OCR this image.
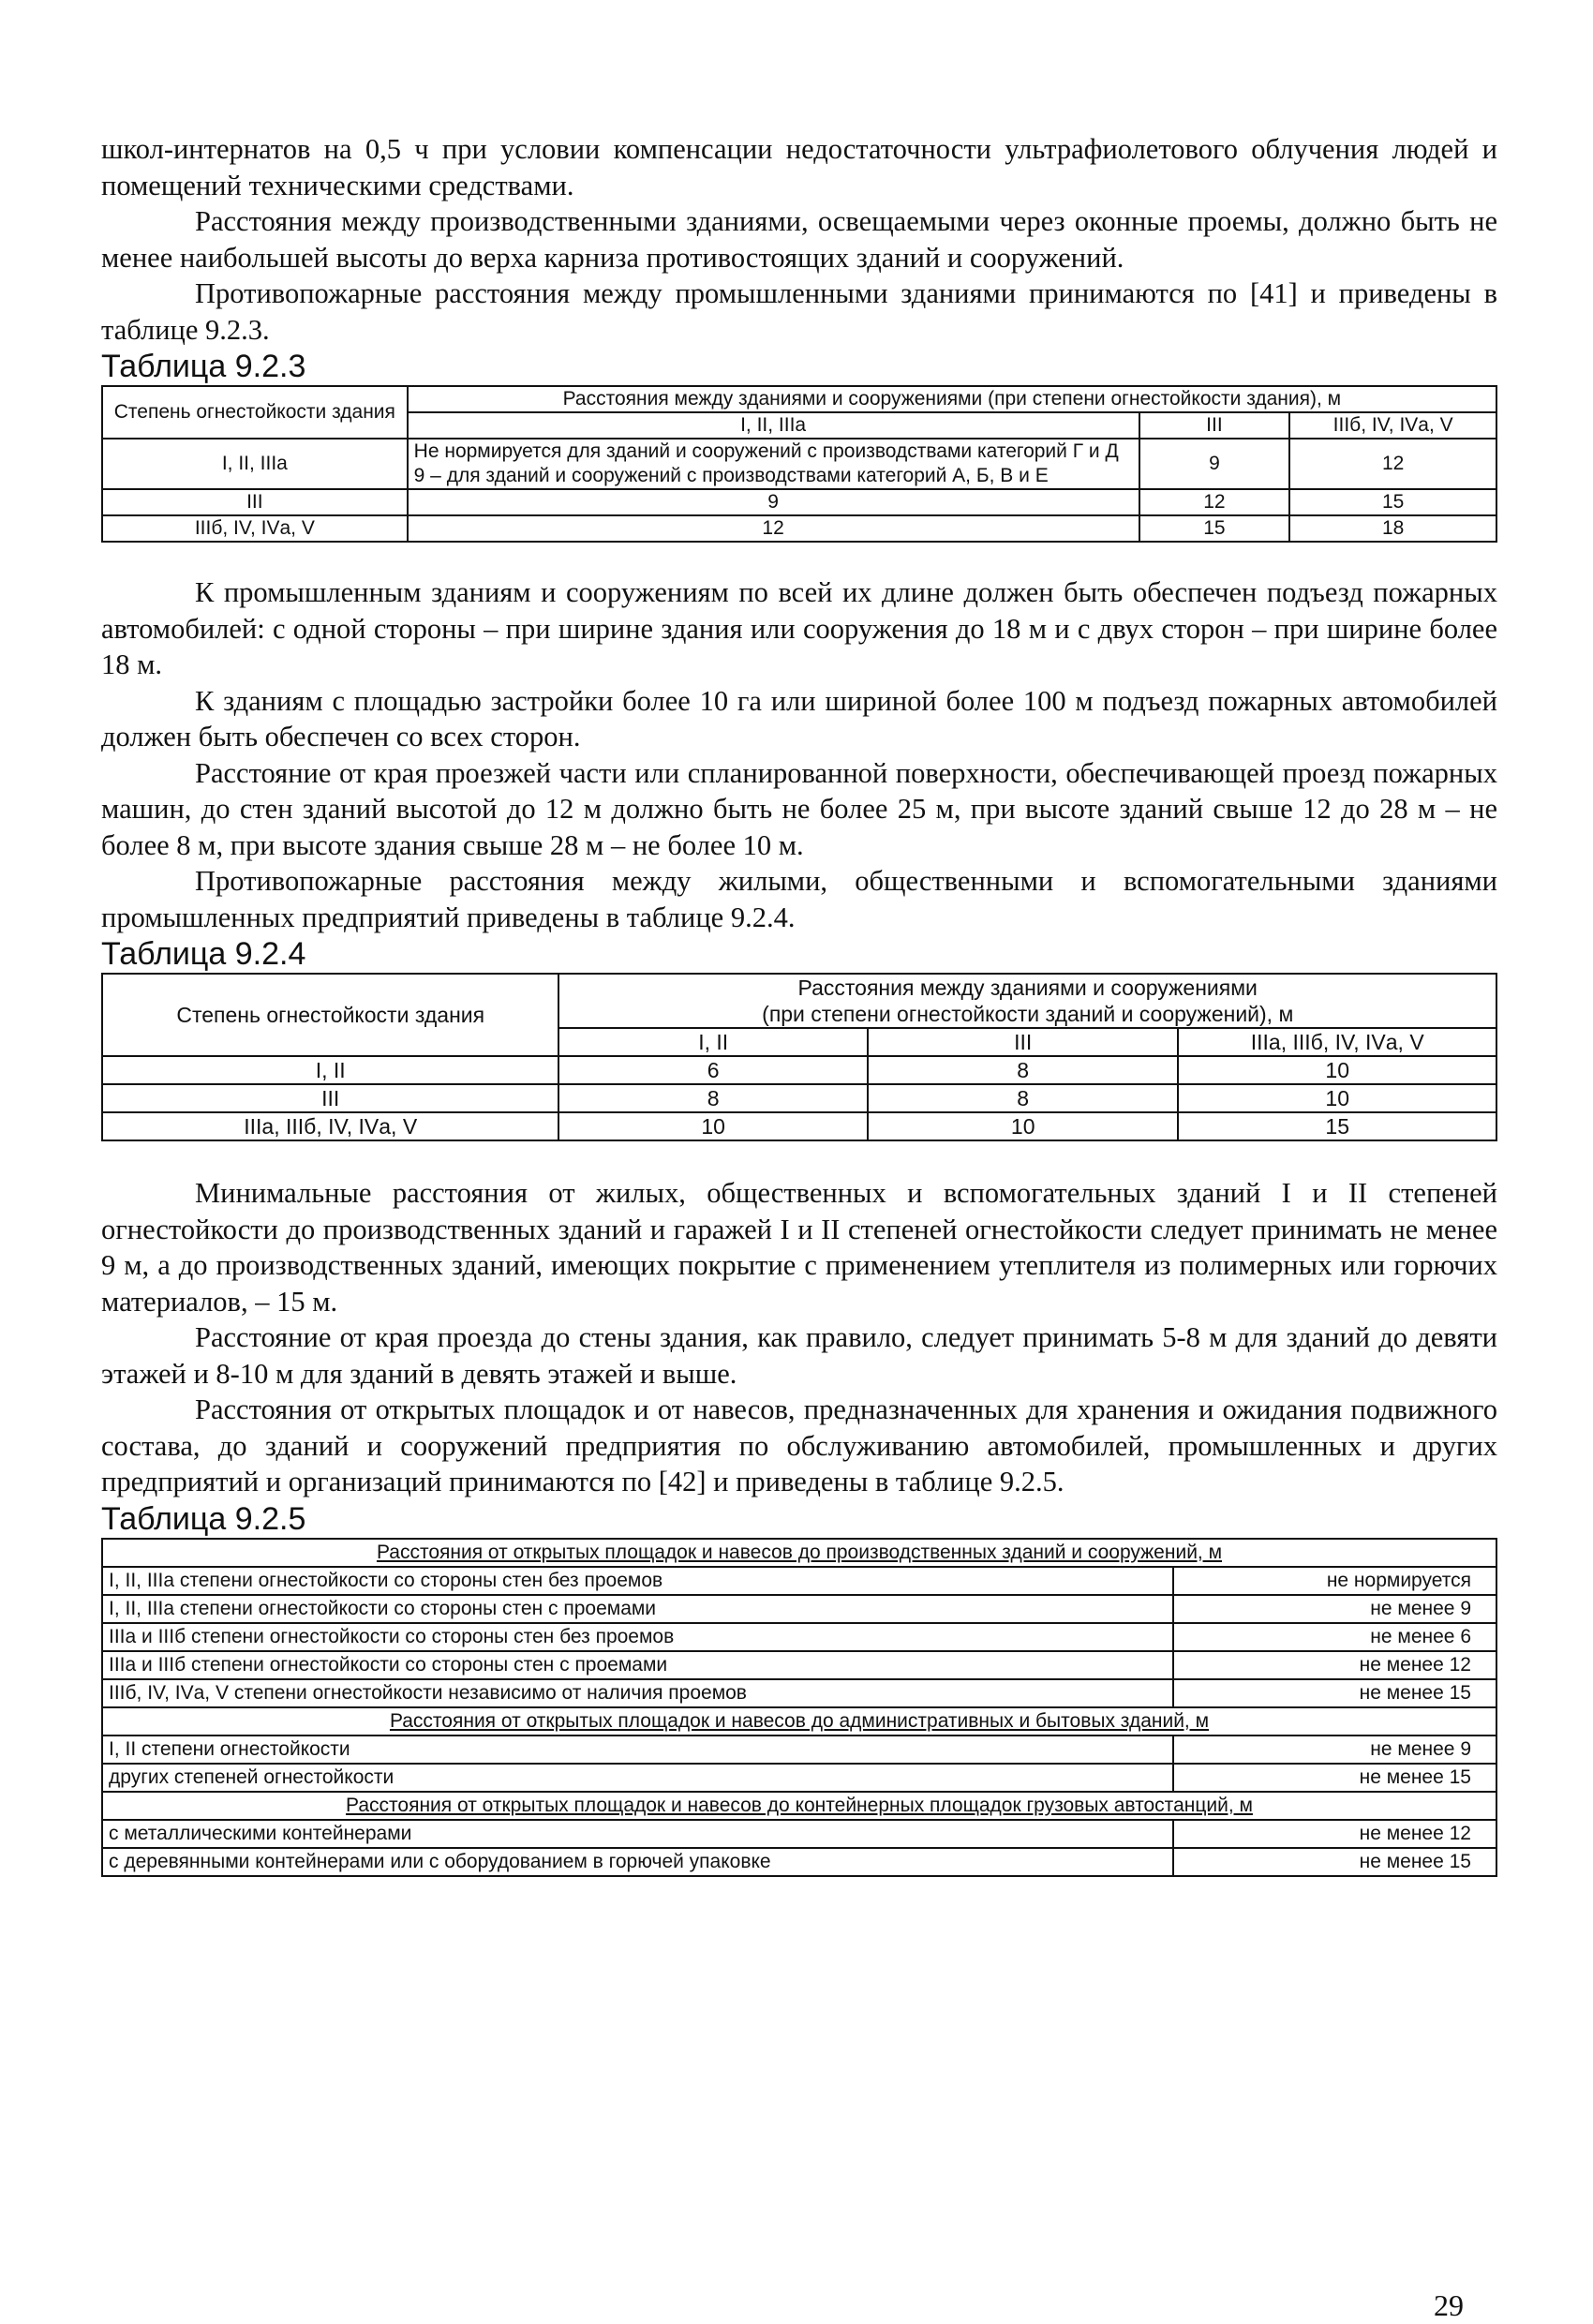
школ-интернатов на 0,5 ч при условии компенсации недостаточности ультрафиолетового облучения людей и помещений техническими средствами.

Расстояния между производственными зданиями, освещаемыми через оконные проемы, должно быть не менее наибольшей высоты до верха карниза противостоящих зданий и сооружений.

Противопожарные расстояния между промышленными зданиями принимаются по [41] и приведены в таблице 9.2.3.

Таблица 9.2.3
Степень огнестойкости здания	Расстояния между зданиями и сооружениями (при степени огнестойкости здания), м		
	I, II, IIIа	III	IIIб, IV, IVа, V
I, II, IIIа	Не нормируется для зданий и сооружений с производствами категорий Г и Д
9 – для зданий и сооружений с производствами категорий А, Б, В и Е	9	12
III	9	12	15
IIIб, IV, IVа, V	12	15	18

К промышленным зданиям и сооружениям по всей их длине должен быть обеспечен подъезд пожарных автомобилей: с одной стороны – при ширине здания или сооружения до 18 м и с двух сторон – при ширине более 18 м.

К зданиям с площадью застройки более 10 га или шириной более 100 м подъезд пожарных автомобилей должен быть обеспечен со всех сторон.

Расстояние от края проезжей части или спланированной поверхности, обеспечивающей проезд пожарных машин, до стен зданий высотой до 12 м должно быть не более 25 м, при высоте зданий свыше 12 до 28 м – не более 8 м, при высоте здания свыше 28 м – не более 10 м.

Противопожарные расстояния между жилыми, общественными и вспомогательными зданиями промышленных предприятий приведены в таблице 9.2.4.

Таблица 9.2.4
Степень огнестойкости здания	Расстояния между зданиями и сооружениями
(при степени огнестойкости зданий и сооружений), м		

	I, II	III	IIIа, IIIб, IV, IVа, V
I, II	6	8	10
III	8	8	10
IIIа, IIIб, IV, IVа, V	10	10	15

Минимальные расстояния от жилых, общественных и вспомогательных зданий I и II степеней огнестойкости до производственных зданий и гаражей I и II степеней огнестойкости следует принимать не менее 9 м, а до производственных зданий, имеющих покрытие с применением утеплителя из полимерных или горючих материалов, – 15 м.

Расстояние от края проезда до стены здания, как правило, следует принимать 5-8 м для зданий до девяти этажей и 8-10 м для зданий в девять этажей и выше.

Расстояния от открытых площадок и от навесов, предназначенных для хранения и ожидания подвижного состава, до зданий и сооружений предприятия по обслуживанию автомобилей, промышленных и других предприятий и организаций принимаются по [42] и приведены в таблице 9.2.5.

Таблица 9.2.5
Расстояния от открытых площадок и навесов до производственных зданий и сооружений, м	
I, II, IIIа степени огнестойкости со стороны стен без проемов	не нормируется
I, II, IIIа степени огнестойкости со стороны стен с проемами	не менее 9
IIIа и IIIб степени огнестойкости со стороны стен без проемов	не менее 6
IIIа и IIIб степени огнестойкости со стороны стен с проемами	не менее 12
IIIб, IV, IVа, V степени огнестойкости независимо от наличия проемов	не менее 15
Расстояния от открытых площадок и навесов до административных и бытовых зданий, м	
I, II степени огнестойкости	не менее 9
других степеней огнестойкости	не менее 15
Расстояния от открытых площадок и навесов до контейнерных площадок грузовых автостанций, м	
с металлическими контейнерами	не менее 12
с деревянными контейнерами или с оборудованием в горючей упаковке	не менее 15
29
